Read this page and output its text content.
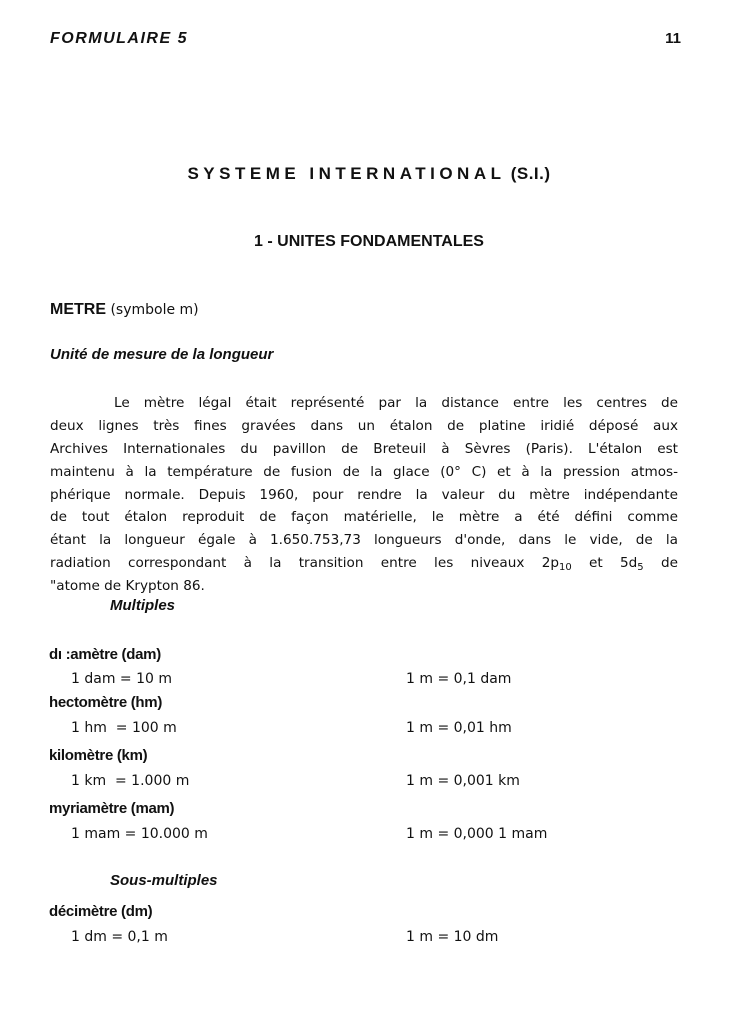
FORMULAIRE 5	11
SYSTEME INTERNATIONAL (S.I.)
1 - UNITES FONDAMENTALES
METRE (symbole m)
Unité de mesure de la longueur
Le mètre légal était représenté par la distance entre les centres de
deux lignes très fines gravées dans un étalon de platine iridié déposé aux
Archives Internationales du pavillon de Breteuil à Sèvres (Paris). L'étalon est
maintenu à la température de fusion de la glace (0° C) et à la pression atmos-
phérique normale. Depuis 1960, pour rendre la valeur du mètre indépendante
de tout étalon reproduit de façon matérielle, le mètre a été défini comme
étant la longueur égale à 1.650.753,73 longueurs d'onde, dans le vide, de la
radiation correspondant à la transition entre les niveaux $2p_{10}$ et $5d_5$ de
"atome de Krypton 86.
Multiples
dı :amètre (dam)
1 dam = 10 m	1 m = 0,1 dam
hectomètre (hm)
1 hm  = 100 m	1 m = 0,01 hm
kilomètre (km)
1 km  = 1.000 m	1 m = 0,001 km
myriamètre (mam)
1 mam = 10.000 m	1 m = 0,000 1 mam
Sous-multiples
décimètre (dm)
1 dm = 0,1 m	1 m = 10 dm
